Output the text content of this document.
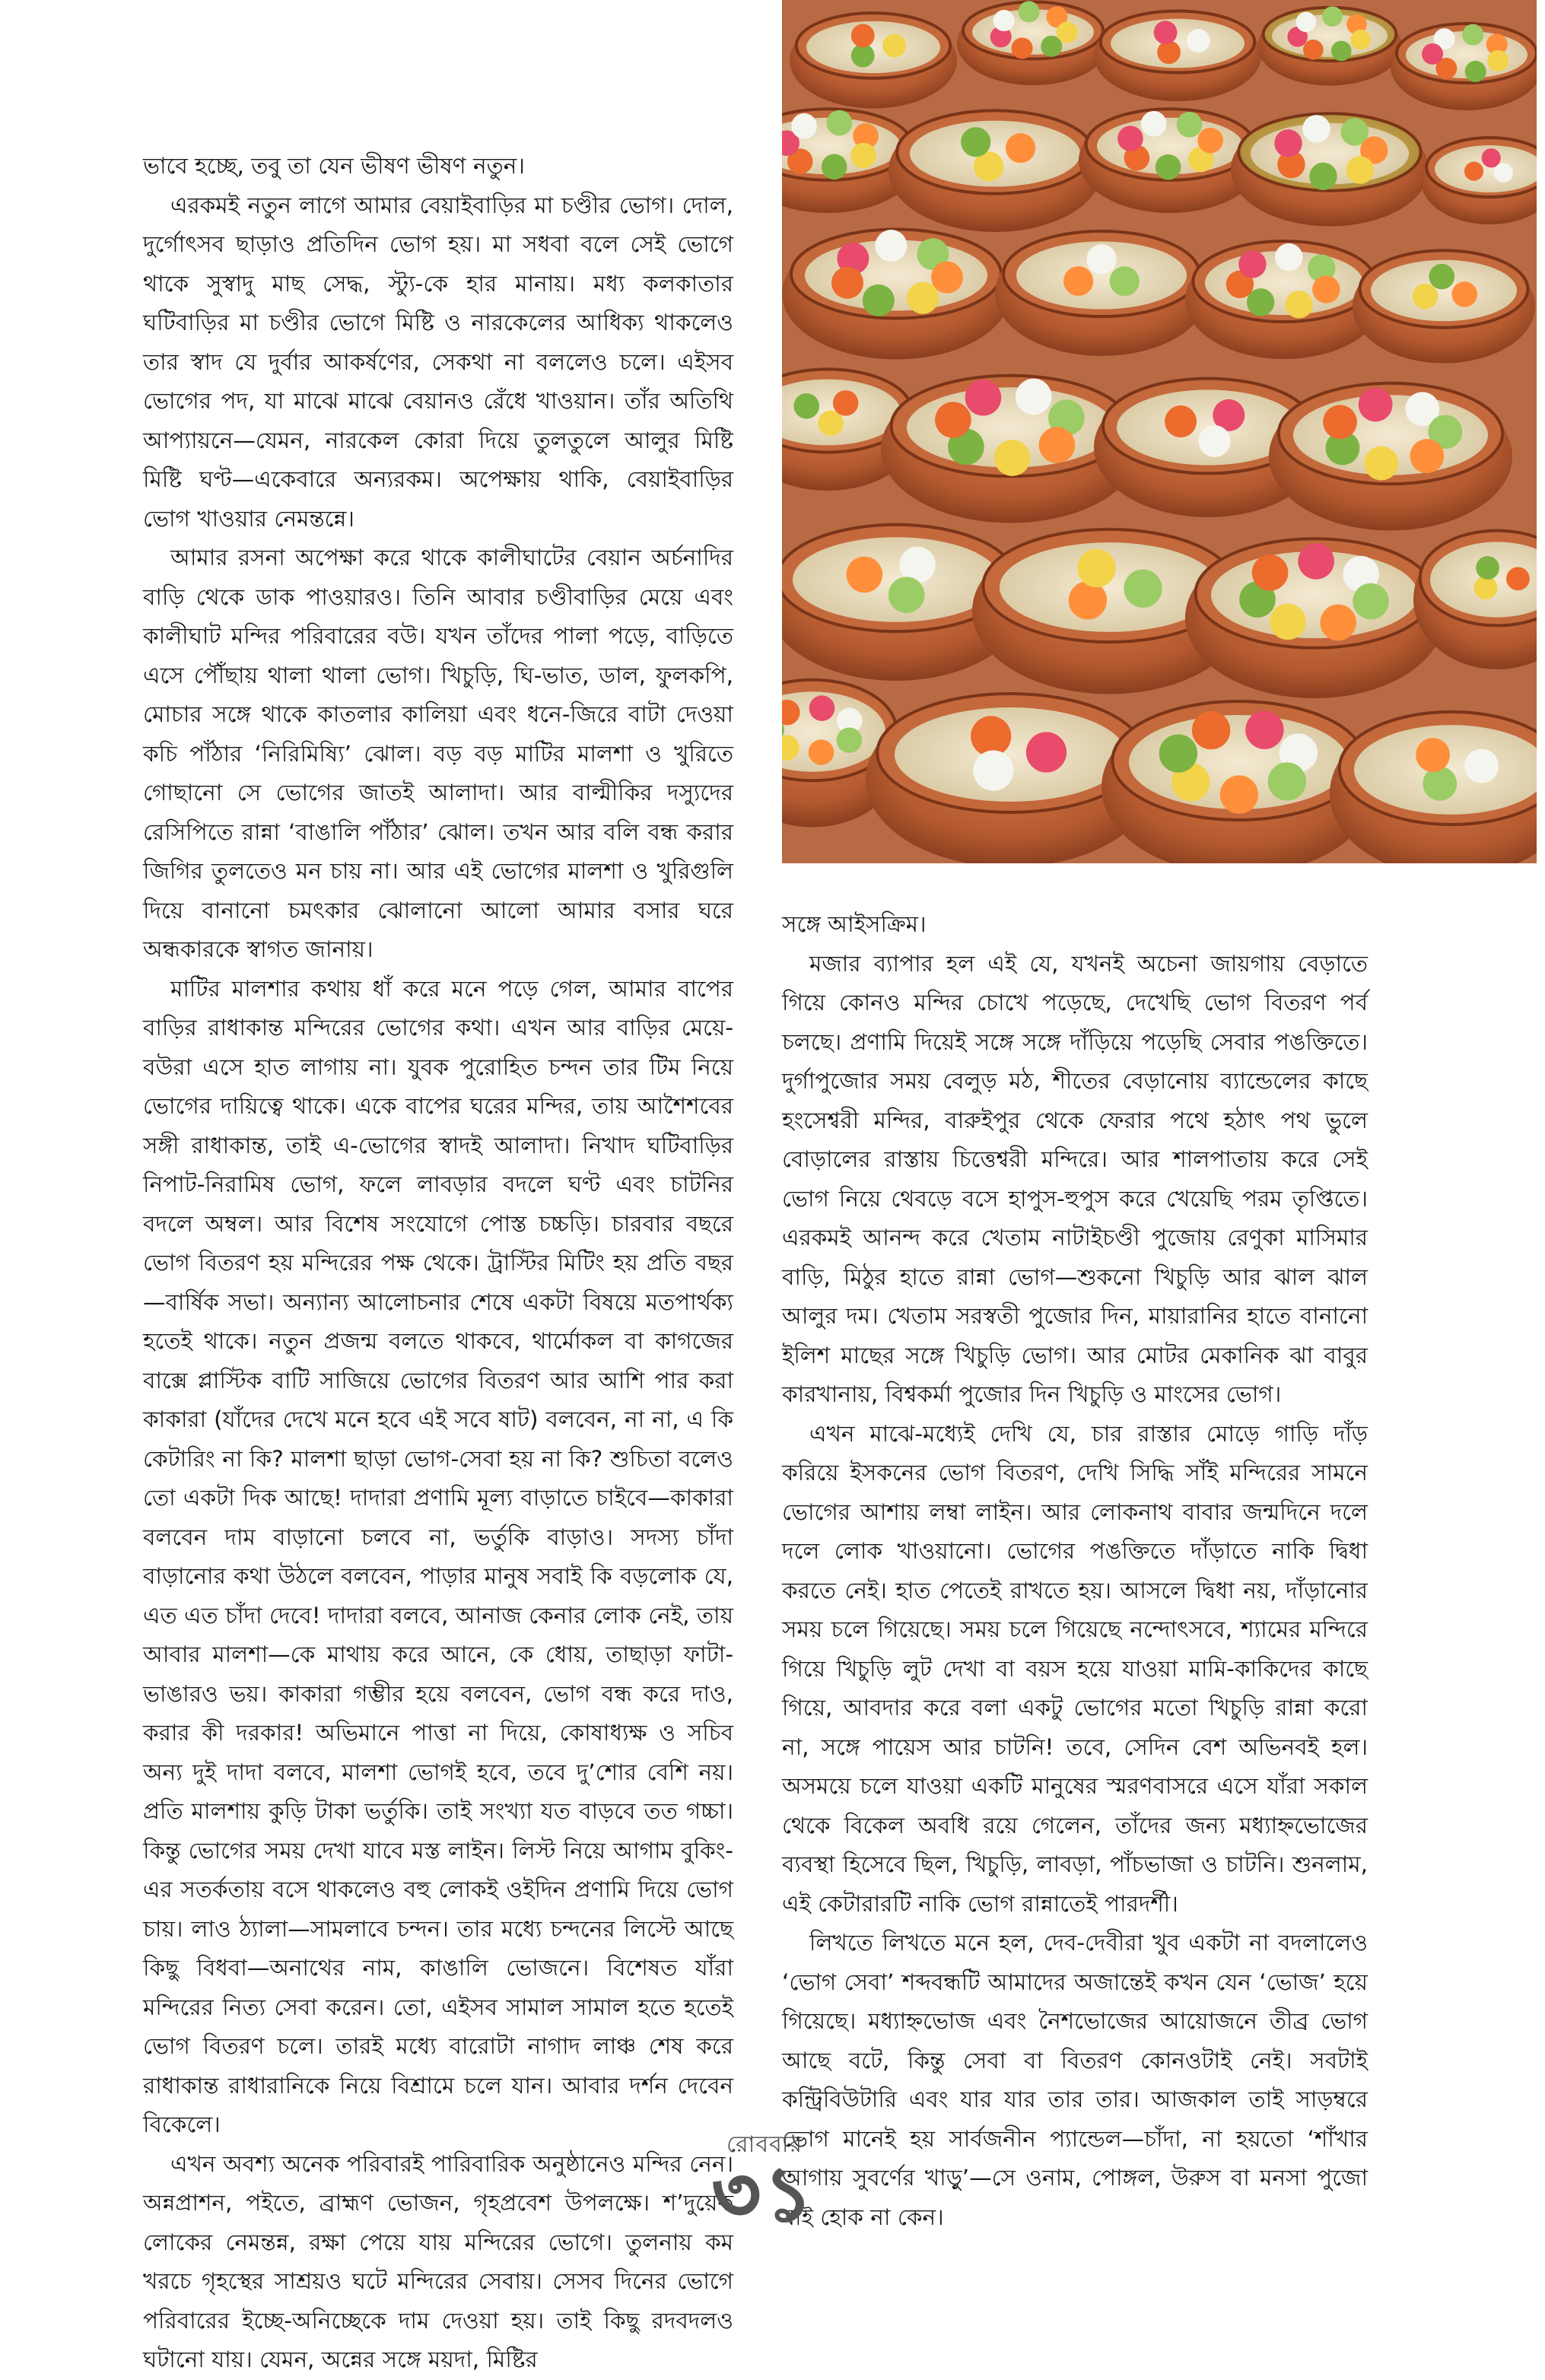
ভাবে হচ্ছে, তবু তা যেন ভীষণ ভীষণ নতুন।

এরকমই নতুন লাগে আমার বেয়াইবাড়ির মা চণ্ডীর ভোগ। দোল, দুর্গোৎসব ছাড়াও প্রতিদিন ভোগ হয়। মা সধবা বলে সেই ভোগে থাকে সুস্বাদু মাছ সেদ্ধ, স্ট্যু-কে হার মানায়। মধ্য কলকাতার ঘটিবাড়ির মা চণ্ডীর ভোগে মিষ্টি ও নারকেলের আধিক্য থাকলেও তার স্বাদ যে দুর্বার আকর্ষণের, সেকথা না বললেও চলে। এইসব ভোগের পদ, যা মাঝে মাঝে বেয়ানও রেঁধে খাওয়ান। তাঁর অতিথি আপ্যায়নে—যেমন, নারকেল কোরা দিয়ে তুলতুলে আলুর মিষ্টি মিষ্টি ঘণ্ট—একেবারে অন্যরকম। অপেক্ষায় থাকি, বেয়াইবাড়ির ভোগ খাওয়ার নেমন্তন্নে।

আমার রসনা অপেক্ষা করে থাকে কালীঘাটের বেয়ান অর্চনাদির বাড়ি থেকে ডাক পাওয়ারও। তিনি আবার চণ্ডীবাড়ির মেয়ে এবং কালীঘাট মন্দির পরিবারের বউ। যখন তাঁদের পালা পড়ে, বাড়িতে এসে পৌঁছায় থালা থালা ভোগ। খিচুড়ি, ঘি-ভাত, ডাল, ফুলকপি, মোচার সঙ্গে থাকে কাতলার কালিয়া এবং ধনে-জিরে বাটা দেওয়া কচি পাঁঠার ‘নিরিমিষ্যি’ ঝোল। বড় বড় মাটির মালশা ও খুরিতে গোছানো সে ভোগের জাতই আলাদা। আর বাল্মীকির দস্যুদের রেসিপিতে রান্না ‘বাঙালি পাঁঠার’ ঝোল। তখন আর বলি বন্ধ করার জিগির তুলতেও মন চায় না। আর এই ভোগের মালশা ও খুরিগুলি দিয়ে বানানো চমৎকার ঝোলানো আলো আমার বসার ঘরে অন্ধকারকে স্বাগত জানায়।

মাটির মালশার কথায় ধাঁ করে মনে পড়ে গেল, আমার বাপের বাড়ির রাধাকান্ত মন্দিরের ভোগের কথা। এখন আর বাড়ির মেয়ে-বউরা এসে হাত লাগায় না। যুবক পুরোহিত চন্দন তার টিম নিয়ে ভোগের দায়িত্বে থাকে। একে বাপের ঘরের মন্দির, তায় আশৈশবের সঙ্গী রাধাকান্ত, তাই এ-ভোগের স্বাদই আলাদা। নিখাদ ঘটিবাড়ির নিপাট-নিরামিষ ভোগ, ফলে লাবড়ার বদলে ঘণ্ট এবং চাটনির বদলে অম্বল। আর বিশেষ সংযোগে পোস্ত চচ্চড়ি। চারবার বছরে ভোগ বিতরণ হয় মন্দিরের পক্ষ থেকে। ট্রাস্টির মিটিং হয় প্রতি বছর—বার্ষিক সভা। অন্যান্য আলোচনার শেষে একটা বিষয়ে মতপার্থক্য হতেই থাকে। নতুন প্রজন্ম বলতে থাকবে, থার্মোকল বা কাগজের বাক্সে প্লাস্টিক বাটি সাজিয়ে ভোগের বিতরণ আর আশি পার করা কাকারা (যাঁদের দেখে মনে হবে এই সবে ষাট) বলবেন, না না, এ কি কেটারিং না কি? মালশা ছাড়া ভোগ-সেবা হয় না কি? শুচিতা বলেও তো একটা দিক আছে! দাদারা প্রণামি মূল্য বাড়াতে চাইবে—কাকারা বলবেন দাম বাড়ানো চলবে না, ভর্তুকি বাড়াও। সদস্য চাঁদা বাড়ানোর কথা উঠলে বলবেন, পাড়ার মানুষ সবাই কি বড়লোক যে, এত এত চাঁদা দেবে! দাদারা বলবে, আনাজ কেনার লোক নেই, তায় আবার মালশা—কে মাথায় করে আনে, কে ধোয়, তাছাড়া ফাটা-ভাঙারও ভয়। কাকারা গম্ভীর হয়ে বলবেন, ভোগ বন্ধ করে দাও, করার কী দরকার! অভিমানে পাত্তা না দিয়ে, কোষাধ্যক্ষ ও সচিব অন্য দুই দাদা বলবে, মালশা ভোগই হবে, তবে দু’শোর বেশি নয়। প্রতি মালশায় কুড়ি টাকা ভর্তুকি। তাই সংখ্যা যত বাড়বে তত গচ্চা। কিন্তু ভোগের সময় দেখা যাবে মস্ত লাইন। লিস্ট নিয়ে আগাম বুকিং-এর সতর্কতায় বসে থাকলেও বহু লোকই ওইদিন প্রণামি দিয়ে ভোগ চায়। লাও ঠ্যালা—সামলাবে চন্দন। তার মধ্যে চন্দনের লিস্টে আছে কিছু বিধবা—অনাথের নাম, কাঙালি ভোজনে। বিশেষত যাঁরা মন্দিরের নিত্য সেবা করেন। তো, এইসব সামাল সামাল হতে হতেই ভোগ বিতরণ চলে। তারই মধ্যে বারোটা নাগাদ লাঞ্চ শেষ করে রাধাকান্ত রাধারানিকে নিয়ে বিশ্রামে চলে যান। আবার দর্শন দেবেন বিকেলে।

এখন অবশ্য অনেক পরিবারই পারিবারিক অনুষ্ঠানেও মন্দির নেন। অন্নপ্রাশন, পইতে, ব্রাহ্মণ ভোজন, গৃহপ্রবেশ উপলক্ষে। শ’দুয়েক লোকের নেমন্তন্ন, রক্ষা পেয়ে যায় মন্দিরের ভোগে। তুলনায় কম খরচে গৃহস্থের সাশ্রয়ও ঘটে মন্দিরের সেবায়। সেসব দিনের ভোগে পরিবারের ইচ্ছে-অনিচ্ছেকে দাম দেওয়া হয়। তাই কিছু রদবদলও ঘটানো যায়। যেমন, অন্নের সঙ্গে ময়দা, মিষ্টির

সঙ্গে আইসক্রিম।

মজার ব্যাপার হল এই যে, যখনই অচেনা জায়গায় বেড়াতে গিয়ে কোনও মন্দির চোখে পড়েছে, দেখেছি ভোগ বিতরণ পর্ব চলছে। প্রণামি দিয়েই সঙ্গে সঙ্গে দাঁড়িয়ে পড়েছি সেবার পঙক্তিতে। দুর্গাপুজোর সময় বেলুড় মঠ, শীতের বেড়ানোয় ব্যান্ডেলের কাছে হংসেশ্বরী মন্দির, বারুইপুর থেকে ফেরার পথে হঠাৎ পথ ভুলে বোড়ালের রাস্তায় চিত্তেশ্বরী মন্দিরে। আর শালপাতায় করে সেই ভোগ নিয়ে থেবড়ে বসে হাপুস-হুপুস করে খেয়েছি পরম তৃপ্তিতে। এরকমই আনন্দ করে খেতাম নাটাইচণ্ডী পুজোয় রেণুকা মাসিমার বাড়ি, মিঠুর হাতে রান্না ভোগ—শুকনো খিচুড়ি আর ঝাল ঝাল আলুর দম। খেতাম সরস্বতী পুজোর দিন, মায়ারানির হাতে বানানো ইলিশ মাছের সঙ্গে খিচুড়ি ভোগ। আর মোটর মেকানিক ঝা বাবুর কারখানায়, বিশ্বকর্মা পুজোর দিন খিচুড়ি ও মাংসের ভোগ।

এখন মাঝে-মধ্যেই দেখি যে, চার রাস্তার মোড়ে গাড়ি দাঁড় করিয়ে ইসকনের ভোগ বিতরণ, দেখি সিদ্ধি সাঁই মন্দিরের সামনে ভোগের আশায় লম্বা লাইন। আর লোকনাথ বাবার জন্মদিনে দলে দলে লোক খাওয়ানো। ভোগের পঙক্তিতে দাঁড়াতে নাকি দ্বিধা করতে নেই। হাত পেতেই রাখতে হয়। আসলে দ্বিধা নয়, দাঁড়ানোর সময় চলে গিয়েছে। সময় চলে গিয়েছে নন্দোৎসবে, শ্যামের মন্দিরে গিয়ে খিচুড়ি লুট দেখা বা বয়স হয়ে যাওয়া মামি-কাকিদের কাছে গিয়ে, আবদার করে বলা একটু ভোগের মতো খিচুড়ি রান্না করো না, সঙ্গে পায়েস আর চাটনি! তবে, সেদিন বেশ অভিনবই হল। অসময়ে চলে যাওয়া একটি মানুষের স্মরণবাসরে এসে যাঁরা সকাল থেকে বিকেল অবধি রয়ে গেলেন, তাঁদের জন্য মধ্যাহ্নভোজের ব্যবস্থা হিসেবে ছিল, খিচুড়ি, লাবড়া, পাঁচভাজা ও চাটনি। শুনলাম, এই কেটারারটি নাকি ভোগ রান্নাতেই পারদর্শী।

লিখতে লিখতে মনে হল, দেব-দেবীরা খুব একটা না বদলালেও ‘ভোগ সেবা’ শব্দবন্ধটি আমাদের অজান্তেই কখন যেন ‘ভোজ’ হয়ে গিয়েছে। মধ্যাহ্নভোজ এবং নৈশভোজের আয়োজনে তীব্র ভোগ আছে বটে, কিন্তু সেবা বা বিতরণ কোনওটাই নেই। সবটাই কন্ট্রিবিউটারি এবং যার যার তার তার। আজকাল তাই সাড়ম্বরে ভোগ মানেই হয় সার্বজনীন প্যান্ডেল—চাঁদা, না হয়তো ‘শাঁখার আগায় সুবর্ণের খাড়ু’—সে ওনাম, পোঙ্গল, উরুস বা মনসা পুজো যাই হোক না কেন।

রোববার
৩১
